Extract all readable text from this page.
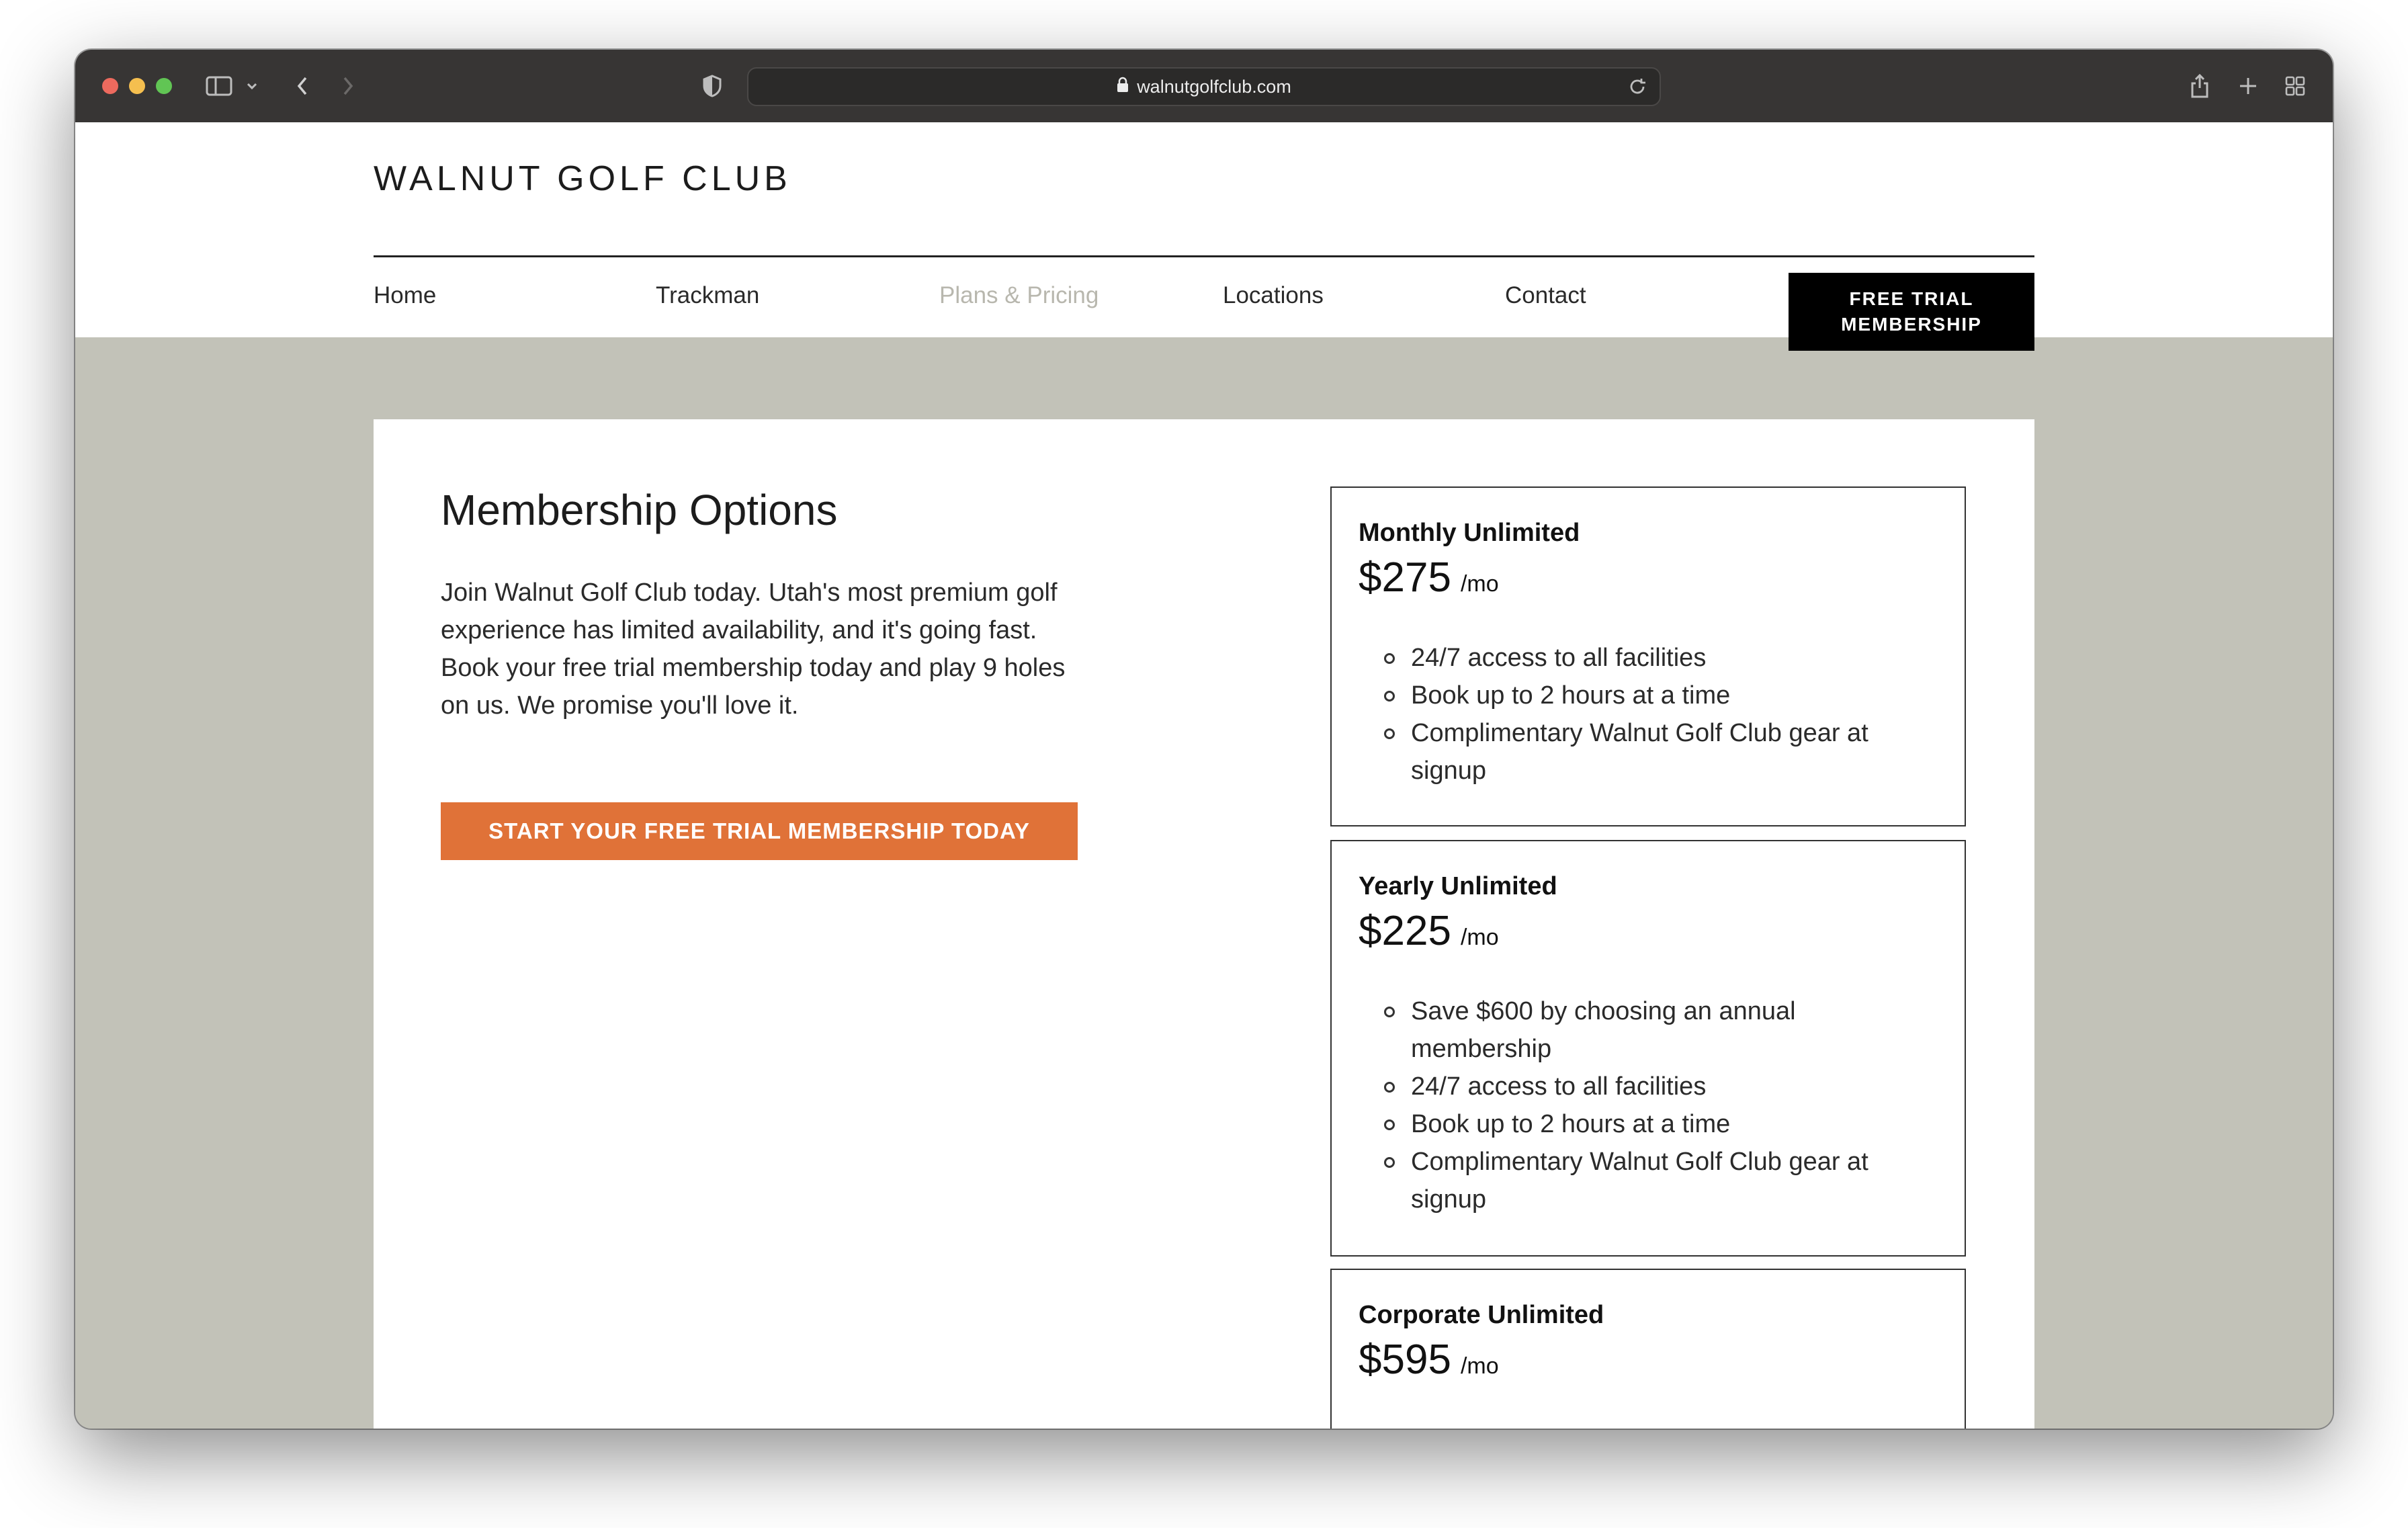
walnutgolfclub.com
WALNUT GOLF CLUB
Home	Trackman	Plans & Pricing	Locations	Contact	FREE TRIAL
MEMBERSHIP
Membership Options

Join Walnut Golf Club today. Utah's most premium golf experience has limited availability, and it's going fast. Book your free trial membership today and play 9 holes on us. We promise you'll love it.

START YOUR FREE TRIAL MEMBERSHIP TODAY
Monthly Unlimited
$275 /mo
24/7 access to all facilities
Book up to 2 hours at a time
Complimentary Walnut Golf Club gear at signup
Yearly Unlimited
$225 /mo
Save $600 by choosing an annual membership
24/7 access to all facilities
Book up to 2 hours at a time
Complimentary Walnut Golf Club gear at signup
Corporate Unlimited
$595 /mo
